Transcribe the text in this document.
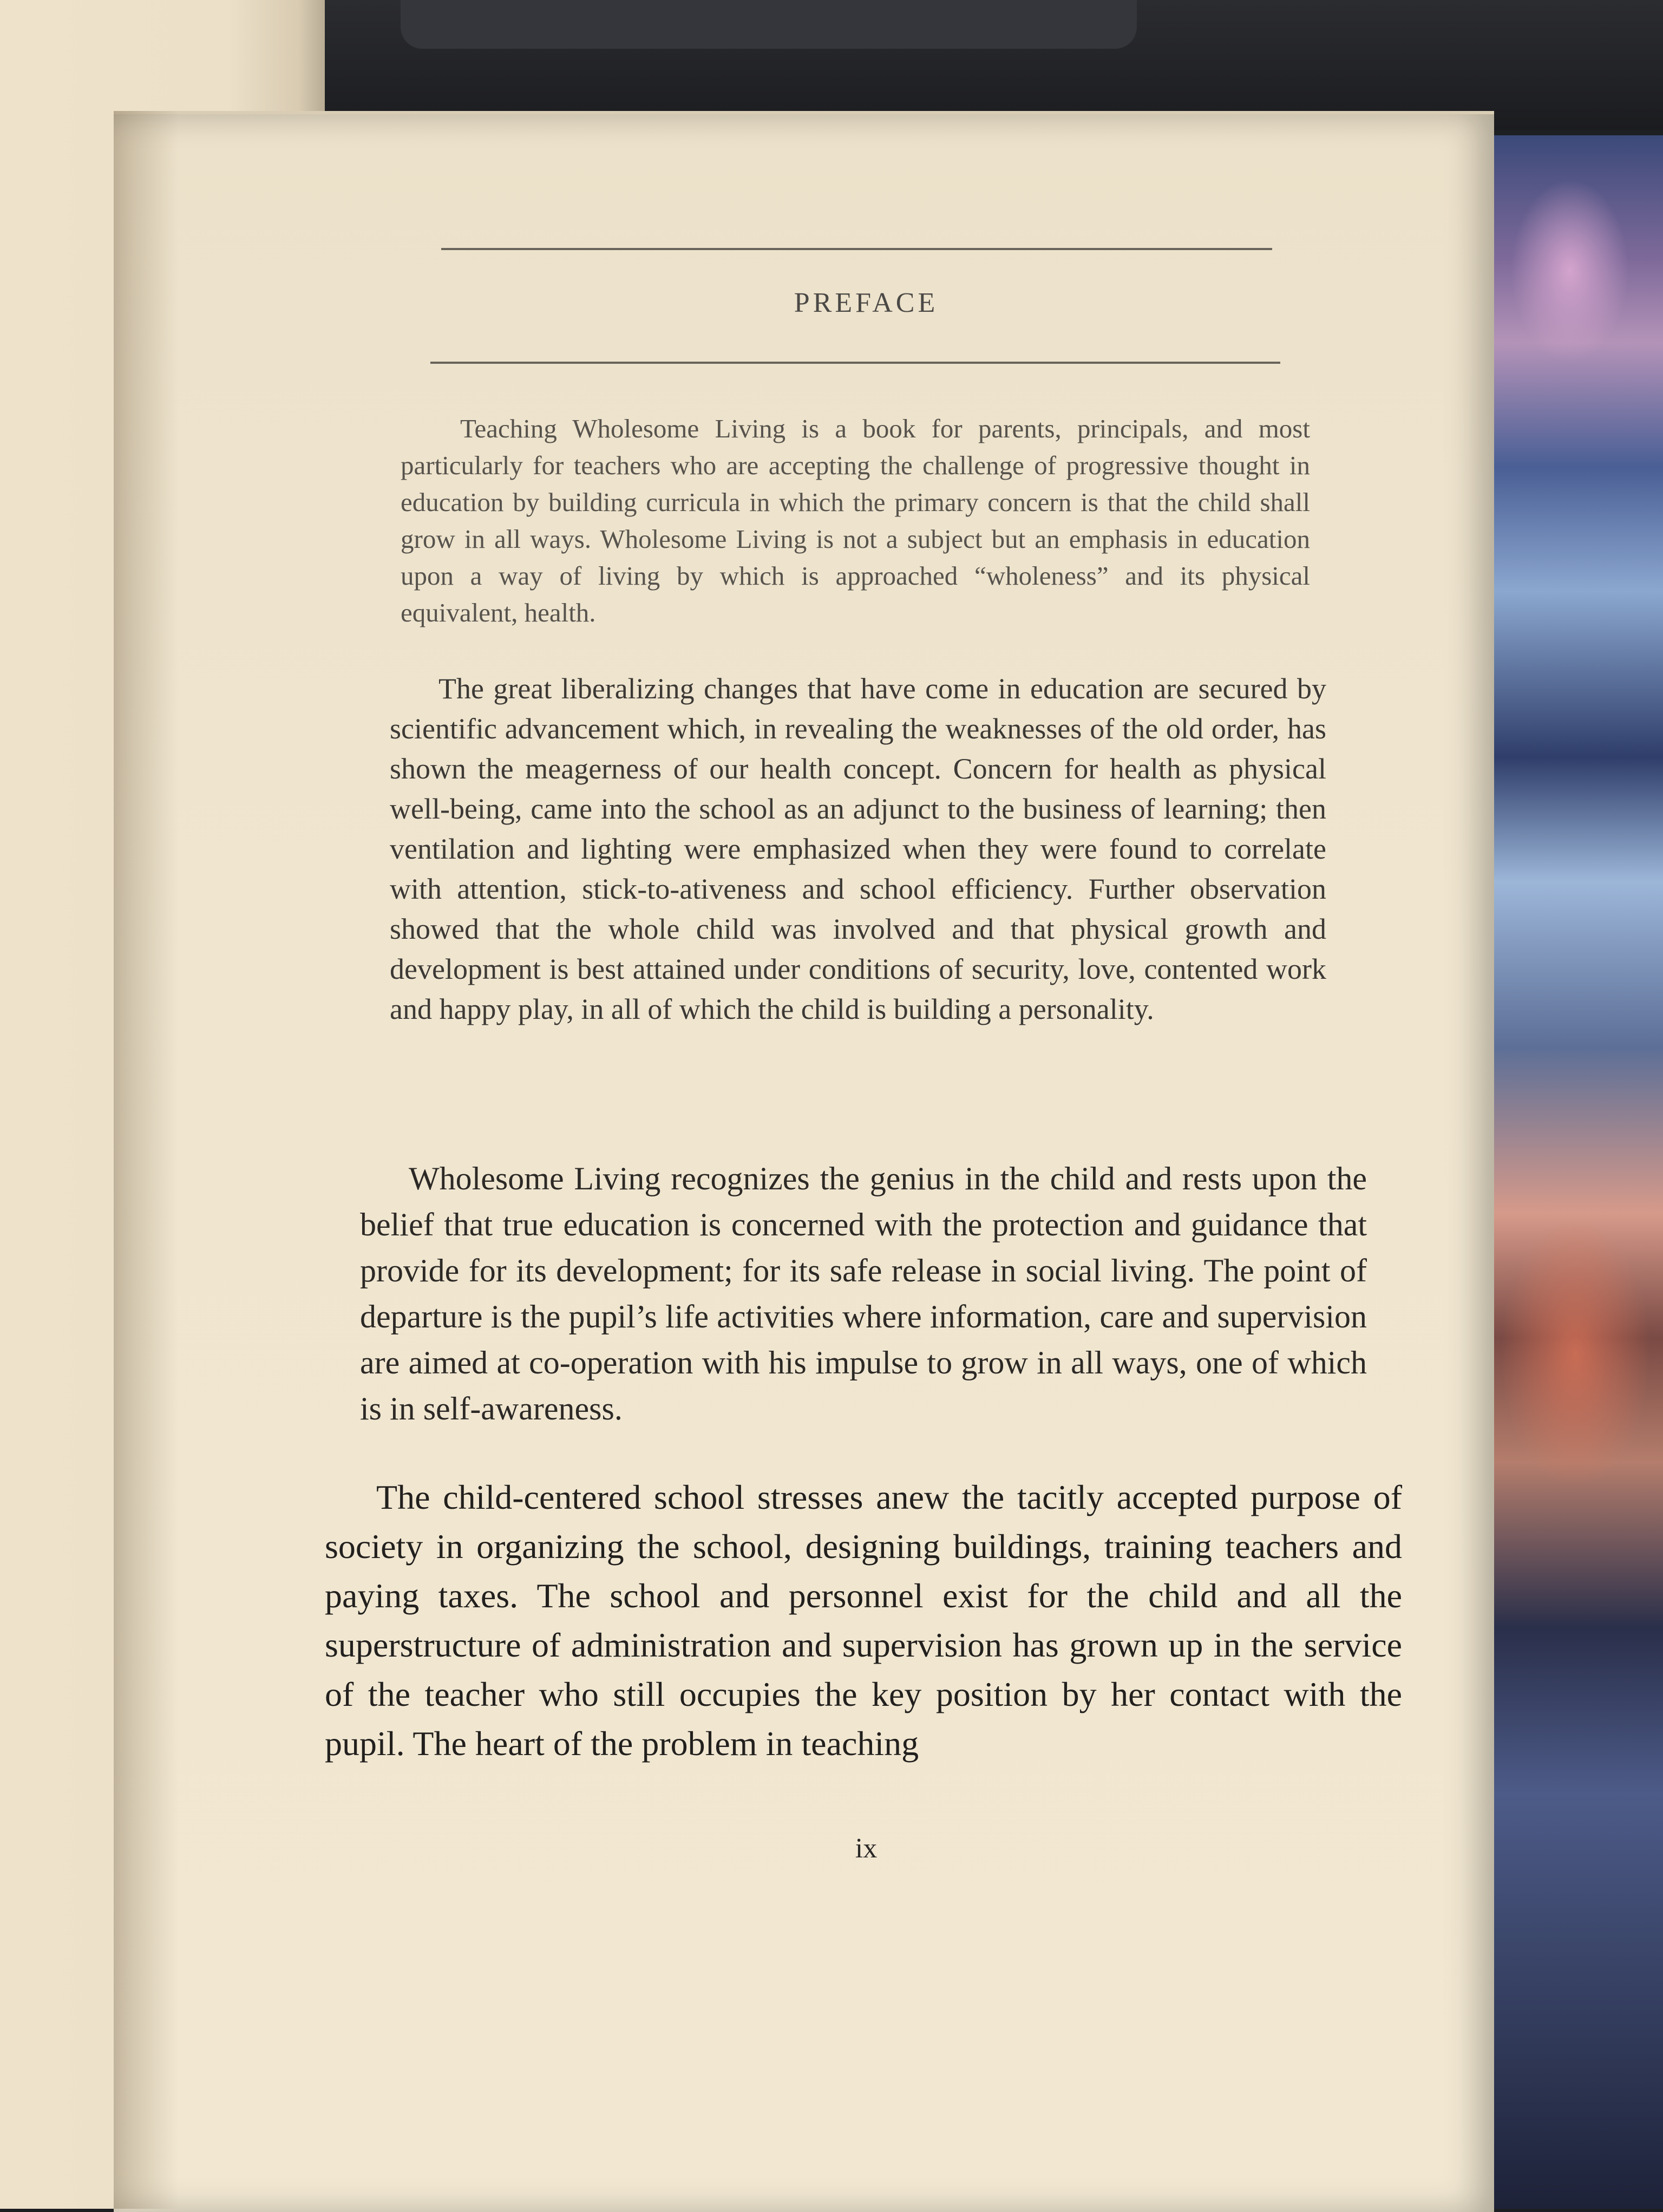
PREFACE

Teaching Wholesome Living is a book for parents, principals, and most particularly for teachers who are accepting the challenge of progressive thought in education by building curricula in which the primary concern is that the child shall grow in all ways. Wholesome Living is not a subject but an emphasis in education upon a way of living by which is approached “wholeness” and its physical equivalent, health.

The great liberalizing changes that have come in education are secured by scientific advancement which, in revealing the weaknesses of the old order, has shown the meagerness of our health concept. Concern for health as physical well-being, came into the school as an adjunct to the business of learning; then ventilation and lighting were emphasized when they were found to correlate with attention, stick-to-ativeness and school efficiency. Further observation showed that the whole child was involved and that physical growth and development is best attained under conditions of security, love, contented work and happy play, in all of which the child is building a personality.

Wholesome Living recognizes the genius in the child and rests upon the belief that true education is concerned with the protection and guidance that provide for its development; for its safe release in social living. The point of departure is the pupil’s life activities where information, care and supervision are aimed at co-operation with his impulse to grow in all ways, one of which is in self-awareness.

The child-centered school stresses anew the tacitly accepted purpose of society in organizing the school, designing buildings, training teachers and paying taxes. The school and personnel exist for the child and all the superstructure of administration and supervision has grown up in the service of the teacher who still occupies the key position by her contact with the pupil. The heart of the problem in teaching

ix
